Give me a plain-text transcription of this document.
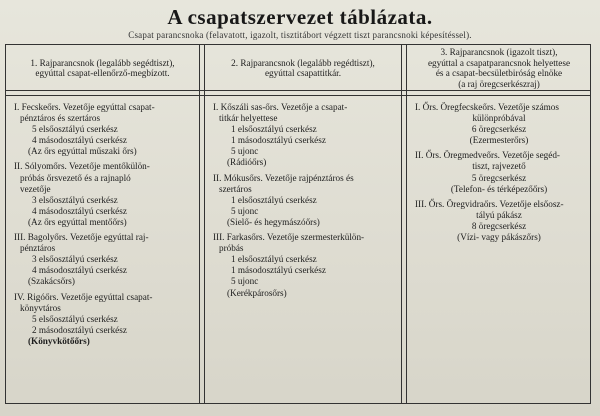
A csapatszervezet táblázata.
Csapat parancsnoka (felavatott, igazolt, tisztitábort végzett tiszt parancsnoki képesítéssel).
1. Rajparancsnok (legalább segédtiszt),
egyúttal csapat-ellenőrző-megbízott.
2. Rajparancsnok (legalább regédtiszt),
egyúttal csapattitkár.
3. Rajparancsnok (igazolt tiszt),
egyúttal a csapatparancsnok helyettese
és a csapat-becsületbiróság elnöke
(a raj öregcserkészraj)

I. Fecskeőrs. Vezetője egyúttal csapat-

pénztáros és szertáros

5 elsőosztályú cserkész

4 másodosztályú cserkész

(Az őrs egyúttal műszaki őrs)

II. Sólyomőrs. Vezetője mentőkülön-

próbás őrsvezető és a rajnapló

vezetője

3 elsőosztályú cserkész

4 másodosztályú cserkész

(Az őrs egyúttal mentőőrs)

III. Bagolyőrs. Vezetője egyúttal raj-

pénztáros

3 elsőosztályú cserkész

4 másodosztályú cserkész

(Szakácsőrs)

IV. Rigóőrs. Vezetője egyúttal csapat-

könyvtáros

5 elsőosztályú cserkész

2 másodosztályú cserkész

(Könyvkötőőrs)

I. Kőszáli sas-őrs. Vezetője a csapat-

titkár helyettese

1 elsőosztályú cserkész

1 másodosztályú cserkész

5 ujonc

(Rádióőrs)

II. Mókusőrs. Vezetője rajpénztáros és

szertáros

1 elsőosztályú cserkész

5 ujonc

(Sielő- és hegymászóőrs)

III. Farkasőrs. Vezetője szermesterkülön-

próbás

1 elsőosztályú cserkész

1 másodosztályú cserkész

5 ujonc

(Kerékpárosőrs)

I. Őrs. Öregfecskeőrs. Vezetője számos

különpróbával

6 öregcserkész

(Ezermesterőrs)

II. Őrs. Öregmedveőrs. Vezetője segéd-

tiszt, rajvezető

5 öregcserkész

(Telefon- és térképezőőrs)

III. Őrs. Öregvidraőrs. Vezetője elsőosz-

tályú pákász

8 öregcserkész

(Vízi- vagy pákászőrs)
